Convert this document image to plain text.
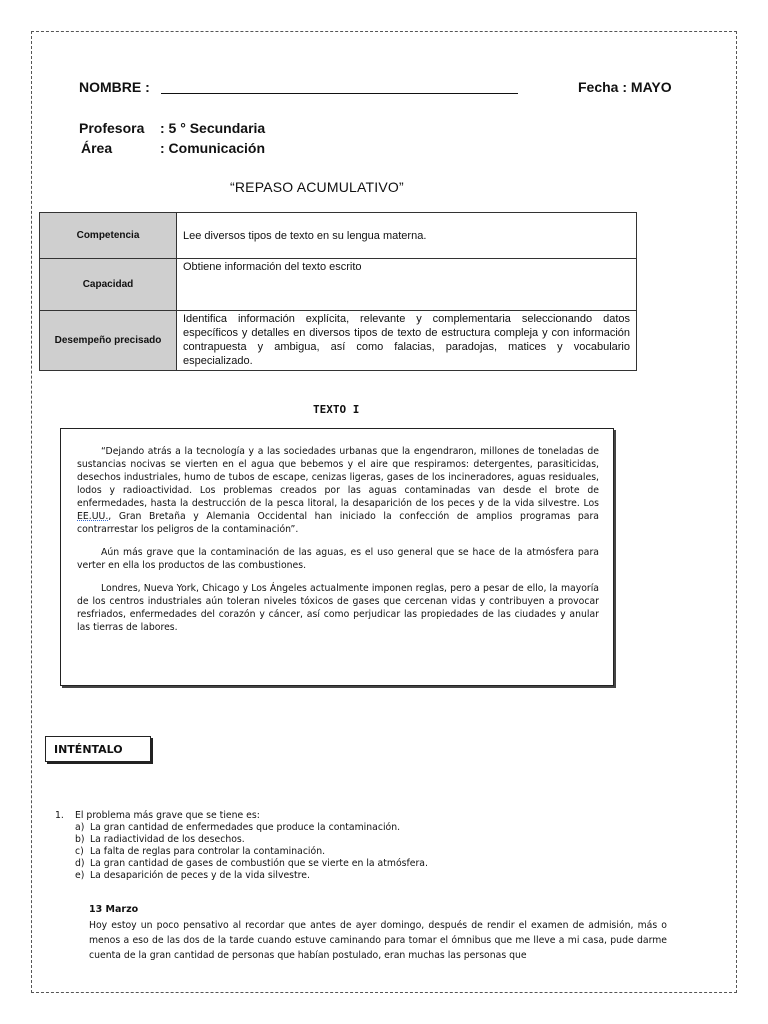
NOMBRE :	Fecha : MAYO
Profesora : 5 ° Secundaria
Área	: Comunicación
“REPASO ACUMULATIVO”
Competencia	Lee diversos tipos de texto en su lengua materna.
Capacidad	Obtiene información del texto escrito
Desempeño precisado	Identifica información explícita, relevante y complementaria seleccionando datos específicos y detalles en diversos tipos de texto de estructura compleja y con información contrapuesta y ambigua, así como falacias, paradojas, matices y vocabulario especializado.
TEXTO I

“Dejando atrás a la tecnología y a las sociedades urbanas que la engendraron, millones de toneladas de sustancias nocivas se vierten en el agua que bebemos y el aire que respiramos: detergentes, parasiticidas, desechos industriales, humo de tubos de escape, cenizas ligeras, gases de los incineradores, aguas residuales, lodos y radioactividad. Los problemas creados por las aguas contaminadas van desde el brote de enfermedades, hasta la destrucción de la pesca litoral, la desaparición de los peces y de la vida silvestre. Los EE.UU., Gran Bretaña y Alemania Occidental han iniciado la confección de amplios programas para contrarrestar los peligros de la contaminación”.

Aún más grave que la contaminación de las aguas, es el uso general que se hace de la atmósfera para verter en ella los productos de las combustiones.

Londres, Nueva York, Chicago y Los Ángeles actualmente imponen reglas, pero a pesar de ello, la mayoría de los centros industriales aún toleran niveles tóxicos de gases que cercenan vidas y contribuyen a provocar resfriados, enfermedades del corazón y cáncer, así como perjudicar las propiedades de las ciudades y anular las tierras de labores.

INTÉNTALO
1. El problema más grave que se tiene es:
a) La gran cantidad de enfermedades que produce la contaminación.
b) La radiactividad de los desechos.
c) La falta de reglas para controlar la contaminación.
d) La gran cantidad de gases de combustión que se vierte en la atmósfera.
e) La desaparición de peces y de la vida silvestre.
13 Marzo
Hoy estoy un poco pensativo al recordar que antes de ayer domingo, después de rendir el examen de admisión, más o menos a eso de las dos de la tarde cuando estuve caminando para tomar el ómnibus que me lleve a mi casa, pude darme cuenta de la gran cantidad de personas que habían postulado, eran muchas las personas que
